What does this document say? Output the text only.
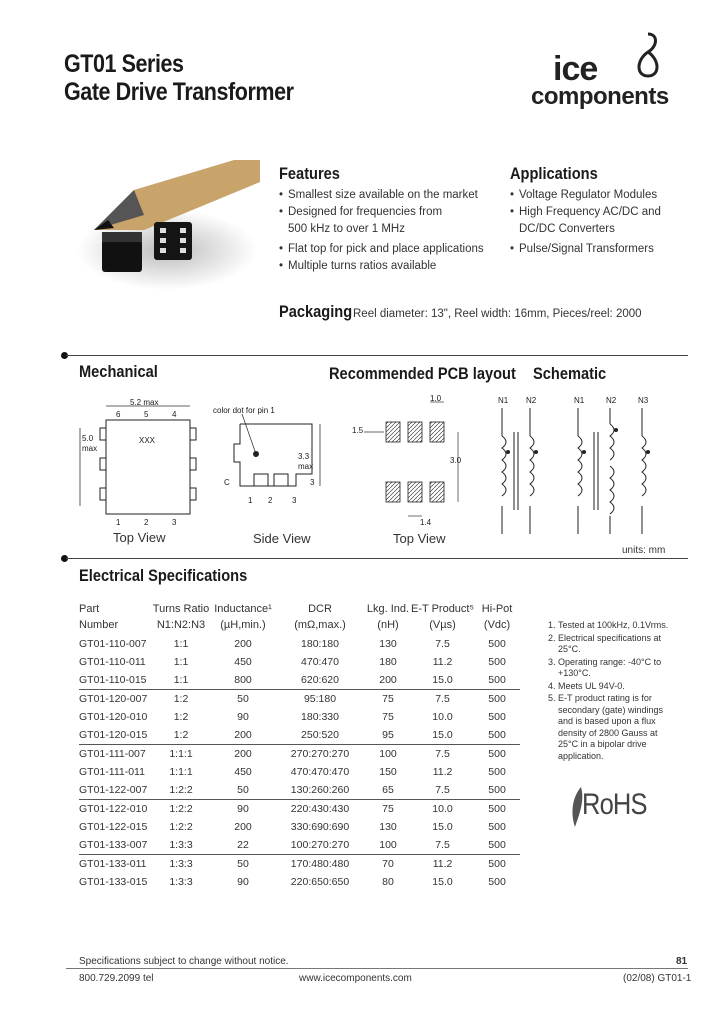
GT01 Series
Gate Drive Transformer
ice
components
Features
• Smallest size available on the market
• Designed for frequencies from
500 kHz to over 1 MHz
• Flat top for pick and place applications
• Multiple turns ratios available
Applications
• Voltage Regulator Modules
• High Frequency AC/DC and
DC/DC Converters
• Pulse/Signal Transformers
Packaging Reel diameter: 13", Reel width: 16mm, Pieces/reel: 2000
Mechanical	Recommended PCB layout Schematic
5.2 max
5.0
max
XXX
6	5	4
1	2	3
Top View
color dot for pin 1
3.3
max
C	3
1 2 3
Side View
1.0
1.5
3.0
1.4
Top View
N1 N2	N1	N2	N3
units: mm
Electrical Specifications
Part	Turns Ratio	Inductance¹	DCR	Lkg. Ind.	E-T Product⁵	Hi-Pot
Number	N1:N2:N3	(µH,min.)	(mΩ,max.)	(nH)	(Vµs)	(Vdc)
GT01-110-007	1:1	200	180:180	130	7.5	500
GT01-110-011	1:1	450	470:470	180	11.2	500
GT01-110-015	1:1	800	620:620	200	15.0	500
GT01-120-007	1:2	50	95:180	75	7.5	500
GT01-120-010	1:2	90	180:330	75	10.0	500
GT01-120-015	1:2	200	250:520	95	15.0	500
GT01-111-007	1:1:1	200	270:270:270	100	7.5	500
GT01-111-011	1:1:1	450	470:470:470	150	11.2	500
GT01-122-007	1:2:2	50	130:260:260	65	7.5	500
GT01-122-010	1:2:2	90	220:430:430	75	10.0	500
GT01-122-015	1:2:2	200	330:690:690	130	15.0	500
GT01-133-007	1:3:3	22	100:270:270	100	7.5	500
GT01-133-011	1:3:3	50	170:480:480	70	11.2	500
GT01-133-015	1:3:3	90	220:650:650	80	15.0	500
1. Tested at 100kHz, 0.1Vrms.
2. Electrical specifications at 25°C.
3. Operating range: -40°C to +130°C.
4. Meets UL 94V-0.
5. E-T product rating is for secondary (gate) windings and is based upon a flux density of 2800 Gauss at 25°C in a bipolar drive application.
RoHS
Specifications subject to change without notice.	81
800.729.2099 tel	www.icecomponents.com	(02/08) GT01-1
